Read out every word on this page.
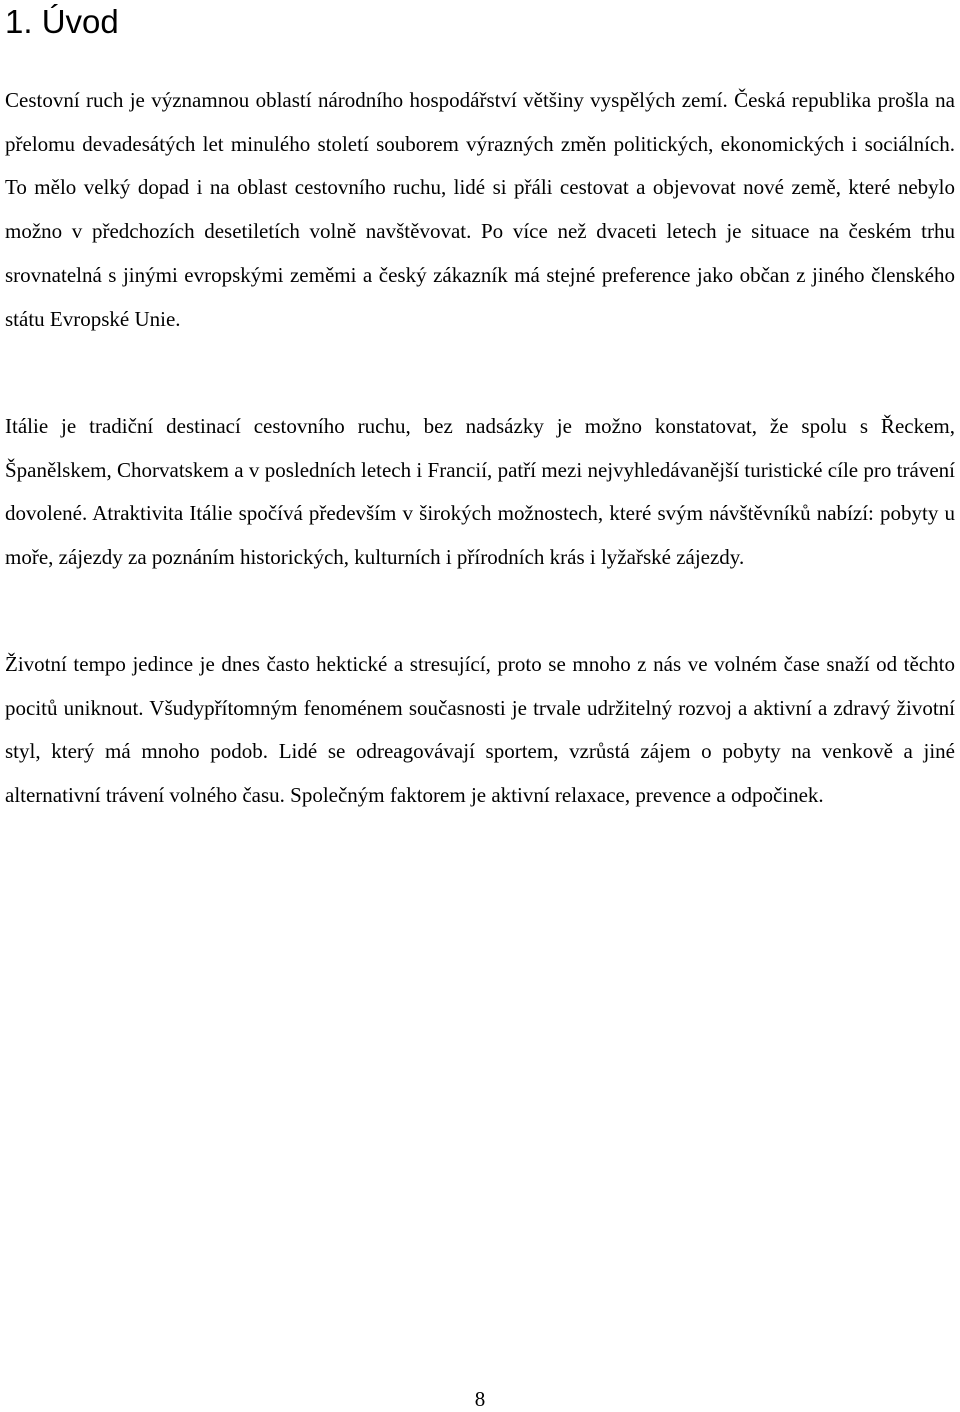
1. Úvod

Cestovní ruch je významnou oblastí národního hospodářství většiny vyspělých zemí. Česká republika prošla na přelomu devadesátých let minulého století souborem výrazných změn politických, ekonomických i sociálních. To mělo velký dopad i na oblast cestovního ruchu, lidé si přáli cestovat a objevovat nové země, které nebylo možno v předchozích desetiletích volně navštěvovat. Po více než dvaceti letech je situace na českém trhu srovnatelná s jinými evropskými zeměmi a český zákazník má stejné preference jako občan z jiného členského státu Evropské Unie.

Itálie je tradiční destinací cestovního ruchu, bez nadsázky je možno konstatovat, že spolu s Řeckem, Španělskem, Chorvatskem a v posledních letech i Francií, patří mezi nejvyhledávanější turistické cíle pro trávení dovolené. Atraktivita Itálie spočívá především v širokých možnostech, které svým návštěvníků nabízí: pobyty u moře, zájezdy za poznáním historických, kulturních i přírodních krás i lyžařské zájezdy.

Životní tempo jedince je dnes často hektické a stresující, proto se mnoho z nás ve volném čase snaží od těchto pocitů uniknout. Všudypřítomným fenoménem současnosti je trvale udržitelný rozvoj a aktivní a zdravý životní styl, který má mnoho podob. Lidé se odreagovávají sportem, vzrůstá zájem o pobyty na venkově a jiné alternativní trávení volného času. Společným faktorem je aktivní relaxace, prevence a odpočinek.

8
